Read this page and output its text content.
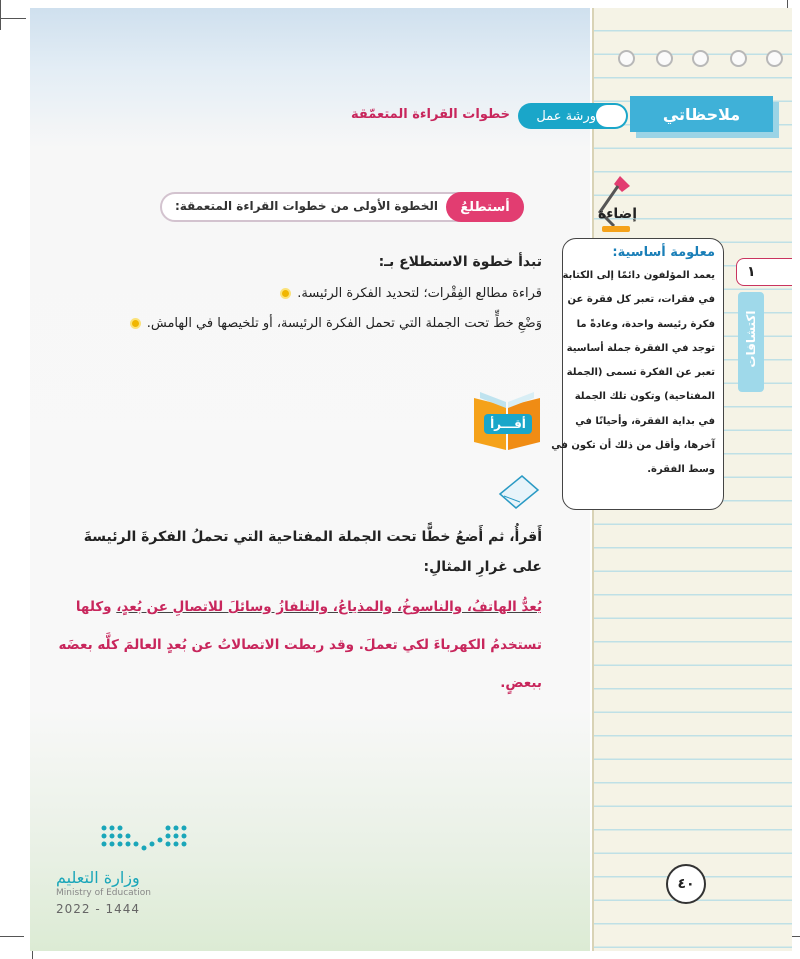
ملاحظاتي
ورشة عمل
خطوات القراءة المتعمّقة
أستطلعُ
الخطوة الأولى من خطوات القراءة المتعمقة:
تبدأ خطوة الاستطلاع بـ:
قراءة مطالع الفِقْرات؛ لتحديد الفكرة الرئيسة.
وَضْعِ خطٍّ تحت الجملة التي تحمل الفكرة الرئيسة، أو تلخيصها في الهامش.
أقـــرأ
أَقرأُ، ثم أَضعُ خطًّا تحت الجملة المفتاحية التي تحملُ الفكرةَ الرئيسةَ على غرارِ المثالِ:
يُعدُّ الهاتفُ، والناسوخُ، والمذياعُ، والتلفازُ وسائلَ للاتصالِ عن بُعدٍ، وكلها تستخدمُ الكهرباءَ لكي تعملَ. وقد ربطت الاتصالاتُ عن بُعدٍ العالمَ كلَّه بعضَه ببعضٍ.
إضاءة
معلومة أساسية:
يعمد المؤلفون دائمًا إلى الكتابة
في فقرات، تعبر كل فقرة عن
فكرة رئيسة واحدة، وعادةً ما
توجد في الفقرة جملة أساسية
تعبر عن الفكرة تسمى (الجملة
المفتاحية) وتكون تلك الجملة
في بداية الفقرة، وأحيانًا في
آخرها، وأقل من ذلك أن تكون في
وسط الفقرة.
١
اكتشافات
٤٠
وزارة التعليم
Ministry of Education
2022 - 1444
